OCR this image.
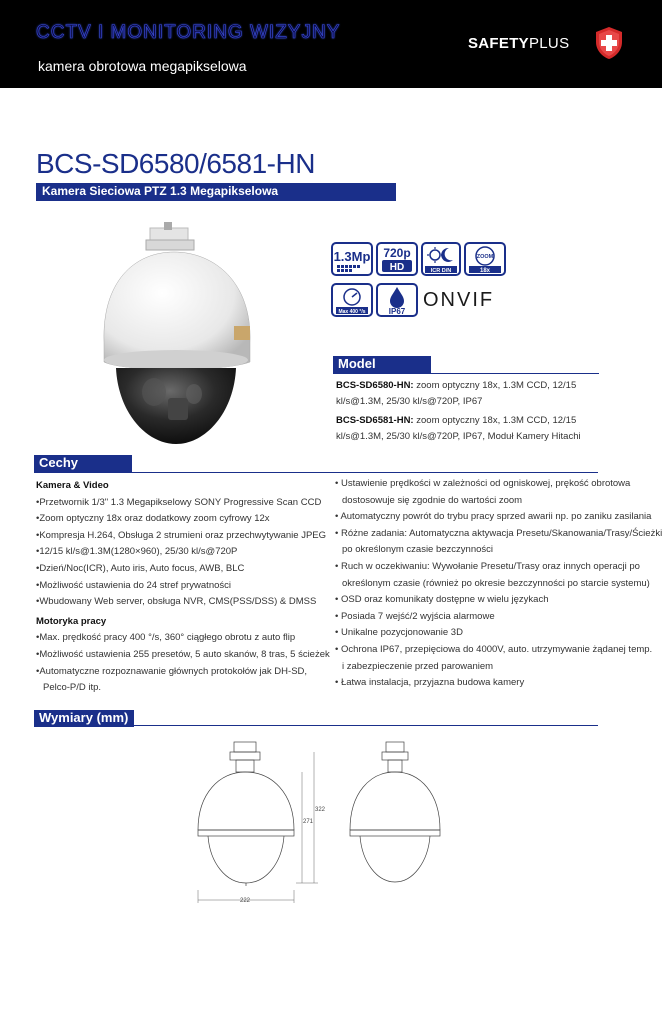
CCTV I MONITORING WIZYJNY
kamera obrotowa megapikselowa
SAFETYPLUS
BCS-SD6580/6581-HN
Kamera Sieciowa PTZ 1.3 Megapikselowa
1.3Mp 720p
HD	ICR D/N
ZOOM
18x
Max 400 °/s	IP67
ONVIF
Model
BCS-SD6580-HN: zoom optyczny 18x, 1.3M CCD, 12/15
kl/s@1.3M, 25/30 kl/s@720P, IP67
BCS-SD6581-HN: zoom optyczny 18x, 1.3M CCD, 12/15
kl/s@1.3M, 25/30 kl/s@720P, IP67, Moduł Kamery Hitachi
Cechy
Kamera & Video
•Przetwornik 1/3" 1.3 Megapikselowy SONY Progressive Scan CCD
•Zoom optyczny 18x oraz dodatkowy zoom cyfrowy 12x
•Kompresja H.264, Obsługa 2 strumieni oraz przechwytywanie JPEG
•12/15 kl/s@1.3M(1280×960), 25/30 kl/s@720P
•Dzień/Noc(ICR), Auto iris, Auto focus, AWB, BLC
•Możliwość ustawienia do 24 stref prywatności
•Wbudowany Web server, obsługa NVR, CMS(PSS/DSS) & DMSS
Motoryka pracy
•Max. prędkość pracy 400 °/s, 360° ciągłego obrotu z auto flip
•Możliwość ustawienia 255 presetów, 5 auto skanów, 8 tras, 5 ścieżek
•Automatyczne rozpoznawanie głównych protokołów jak DH-SD,
Pelco-P/D itp.
• Ustawienie prędkości w zależności od ogniskowej, prękość obrotowa
dostosowuje się zgodnie do wartości zoom
• Automatyczny powrót do trybu pracy sprzed awarii np. po zaniku zasilania
• Różne zadania: Automatyczna aktywacja Presetu/Skanowania/Trasy/Ścieżki
po określonym czasie bezczynności
• Ruch w oczekiwaniu: Wywołanie Presetu/Trasy oraz innych operacji po
określonym czasie (również po okresie bezczynności po starcie systemu)
• OSD oraz komunikaty dostępne w wielu językach
• Posiada 7 wejść/2 wyjścia alarmowe
• Unikalne pozycjonowanie 3D
• Ochrona IP67, przepięciowa do 4000V, auto. utrzymywanie żądanej temp.
i zabezpieczenie przed parowaniem
• Łatwa instalacja, przyjazna budowa kamery
Wymiary (mm)
322
271
222
